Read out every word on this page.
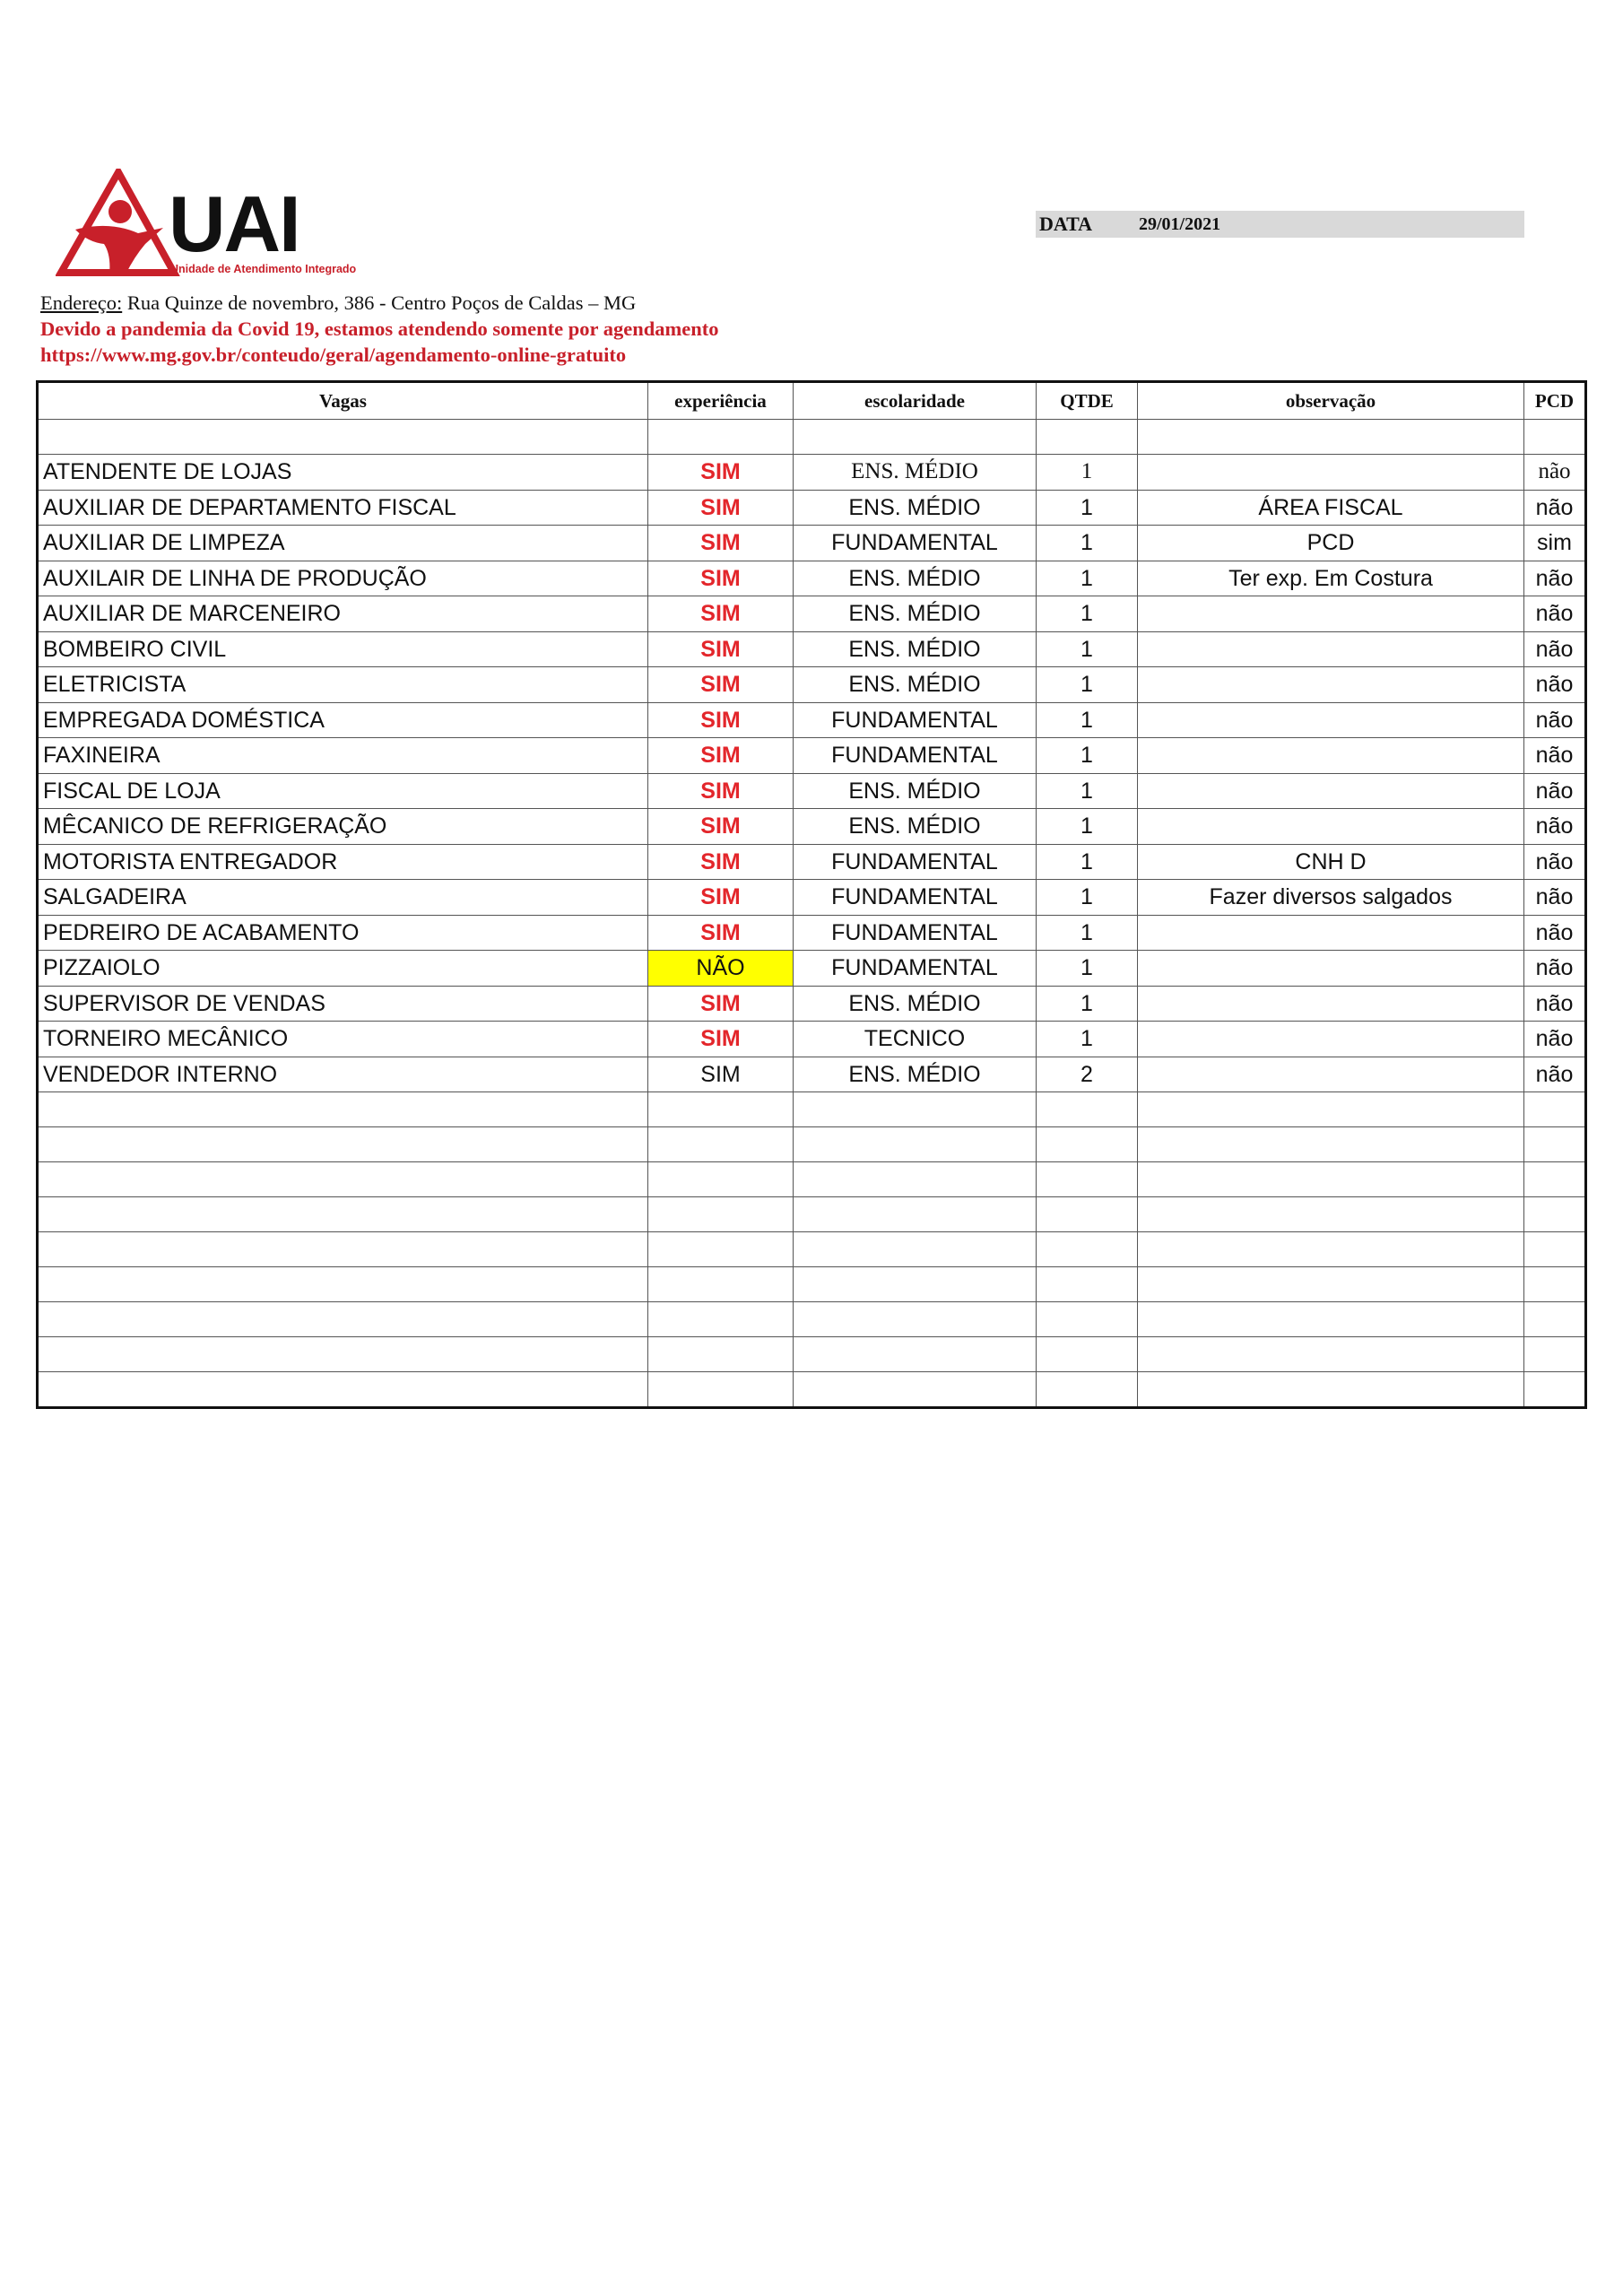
UAI
Unidade de Atendimento Integrado
DATA	29/01/2021
Endereço: Rua Quinze de novembro, 386 - Centro Poços de Caldas – MG
Devido a pandemia da Covid 19, estamos atendendo somente por agendamento
https://www.mg.gov.br/conteudo/geral/agendamento-online-gratuito
Vagas	experiência	escolaridade	QTDE	observação	PCD

ATENDENTE DE LOJAS	SIM	ENS. MÉDIO	1		não
AUXILIAR DE DEPARTAMENTO FISCAL	SIM	ENS. MÉDIO	1	ÁREA FISCAL	não
AUXILIAR DE LIMPEZA	SIM	FUNDAMENTAL	1	PCD	sim
AUXILAIR DE LINHA DE PRODUÇÃO	SIM	ENS. MÉDIO	1	Ter exp. Em Costura	não
AUXILIAR DE MARCENEIRO	SIM	ENS. MÉDIO	1		não
BOMBEIRO CIVIL	SIM	ENS. MÉDIO	1		não
ELETRICISTA	SIM	ENS. MÉDIO	1		não
EMPREGADA DOMÉSTICA	SIM	FUNDAMENTAL	1		não
FAXINEIRA	SIM	FUNDAMENTAL	1		não
FISCAL DE LOJA	SIM	ENS. MÉDIO	1		não
MÊCANICO DE REFRIGERAÇÃO	SIM	ENS. MÉDIO	1		não
MOTORISTA ENTREGADOR	SIM	FUNDAMENTAL	1	CNH D	não
SALGADEIRA	SIM	FUNDAMENTAL	1	Fazer diversos salgados	não
PEDREIRO DE ACABAMENTO	SIM	FUNDAMENTAL	1		não
PIZZAIOLO	NÃO	FUNDAMENTAL	1		não
SUPERVISOR DE VENDAS	SIM	ENS. MÉDIO	1		não
TORNEIRO MECÂNICO	SIM	TECNICO	1		não
VENDEDOR INTERNO	SIM	ENS. MÉDIO	2		não
